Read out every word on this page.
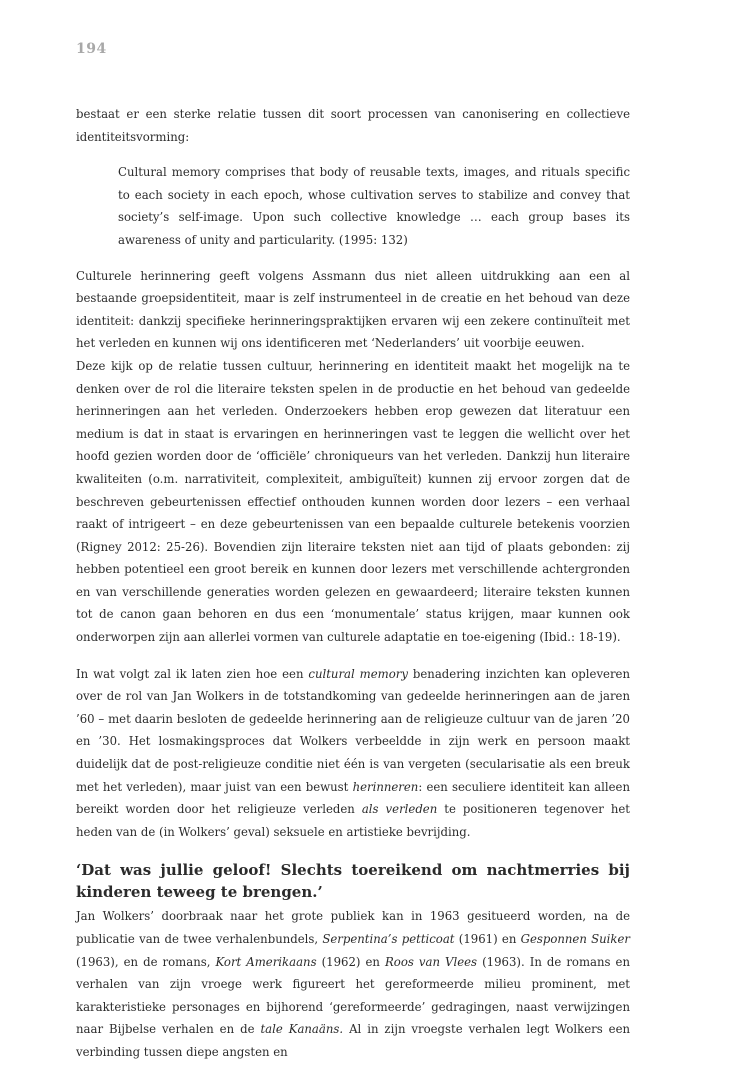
194

bestaat er een sterke relatie tussen dit soort processen van canonisering en collectieve identiteitsvorming:

Cultural memory comprises that body of reusable texts, images, and rituals specific to each society in each epoch, whose cultivation serves to stabilize and convey that society’s self-image. Upon such collective knowledge … each group bases its awareness of unity and particularity. (1995: 132)

Culturele herinnering geeft volgens Assmann dus niet alleen uitdrukking aan een al bestaande groepsidentiteit, maar is zelf instrumenteel in de creatie en het behoud van deze identiteit: dankzij specifieke herinneringspraktijken ervaren wij een zekere continuïteit met het verleden en kunnen wij ons identificeren met ‘Nederlanders’ uit voorbije eeuwen.

Deze kijk op de relatie tussen cultuur, herinnering en identiteit maakt het mogelijk na te denken over de rol die literaire teksten spelen in de productie en het behoud van gedeelde herinneringen aan het verleden. Onderzoekers hebben erop gewezen dat literatuur een medium is dat in staat is ervaringen en herinneringen vast te leggen die wellicht over het hoofd gezien worden door de ‘officiële’ chroniqueurs van het verleden. Dankzij hun literaire kwaliteiten (o.m. narrativiteit, complexiteit, ambiguïteit) kunnen zij ervoor zorgen dat de beschreven gebeurtenissen effectief onthouden kunnen worden door lezers – een verhaal raakt of intrigeert – en deze gebeurtenissen van een bepaalde culturele betekenis voorzien (Rigney 2012: 25-26). Bovendien zijn literaire teksten niet aan tijd of plaats gebonden: zij hebben potentieel een groot bereik en kunnen door lezers met verschillende achtergronden en van verschillende generaties worden gelezen en gewaardeerd; literaire teksten kunnen tot de canon gaan behoren en dus een ‘monumentale’ status krijgen, maar kunnen ook onderworpen zijn aan allerlei vormen van culturele adaptatie en toe-eigening (Ibid.: 18-19).

In wat volgt zal ik laten zien hoe een cultural memory benadering inzichten kan opleveren over de rol van Jan Wolkers in de totstandkoming van gedeelde herinneringen aan de jaren ’60 – met daarin besloten de gedeelde herinnering aan de religieuze cultuur van de jaren ’20 en ’30. Het losmakingsproces dat Wolkers verbeeldde in zijn werk en persoon maakt duidelijk dat de post-religieuze conditie niet één is van vergeten (secularisatie als een breuk met het verleden), maar juist van een bewust herinneren: een seculiere identiteit kan alleen bereikt worden door het religieuze verleden als verleden te positioneren tegenover het heden van de (in Wolkers’ geval) seksuele en artistieke bevrijding.

‘Dat was jullie geloof! Slechts toereikend om nachtmerries bij kinderen teweeg te brengen.’

Jan Wolkers’ doorbraak naar het grote publiek kan in 1963 gesitueerd worden, na de publicatie van de twee verhalenbundels, Serpentina’s petticoat (1961) en Gesponnen Suiker (1963), en de romans, Kort Amerikaans (1962) en Roos van Vlees (1963). In de romans en verhalen van zijn vroege werk figureert het gereformeerde milieu prominent, met karakteristieke personages en bijhorend ‘gereformeerde’ gedragingen, naast verwijzingen naar Bijbelse verhalen en de tale Kanaäns. Al in zijn vroegste verhalen legt Wolkers een verbinding tussen diepe angsten en
